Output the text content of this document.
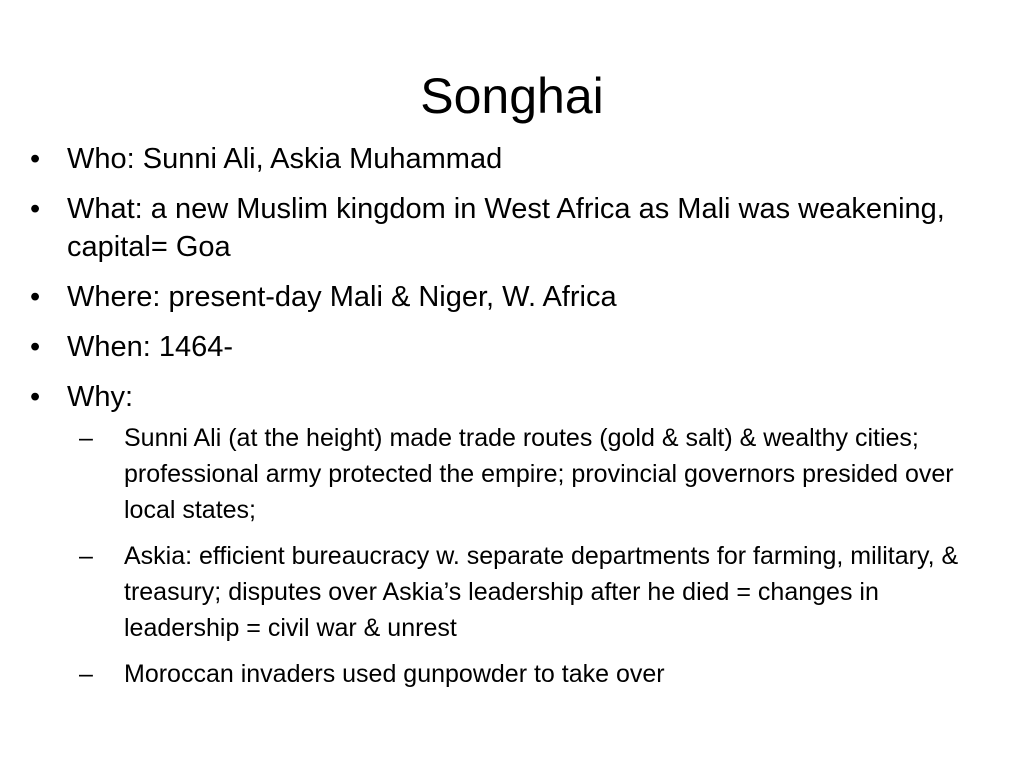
Songhai
• Who: Sunni Ali, Askia Muhammad
• What: a new Muslim kingdom in West Africa as Mali was weakening, capital= Goa
• Where: present-day Mali & Niger, W. Africa
• When: 1464-
• Why:
– Sunni Ali (at the height) made trade routes (gold & salt) & wealthy cities; professional army protected the empire; provincial governors presided over local states;
– Askia: efficient bureaucracy w. separate departments for farming, military, & treasury; disputes over Askia’s leadership after he died = changes in leadership = civil war & unrest
– Moroccan invaders used gunpowder to take over
